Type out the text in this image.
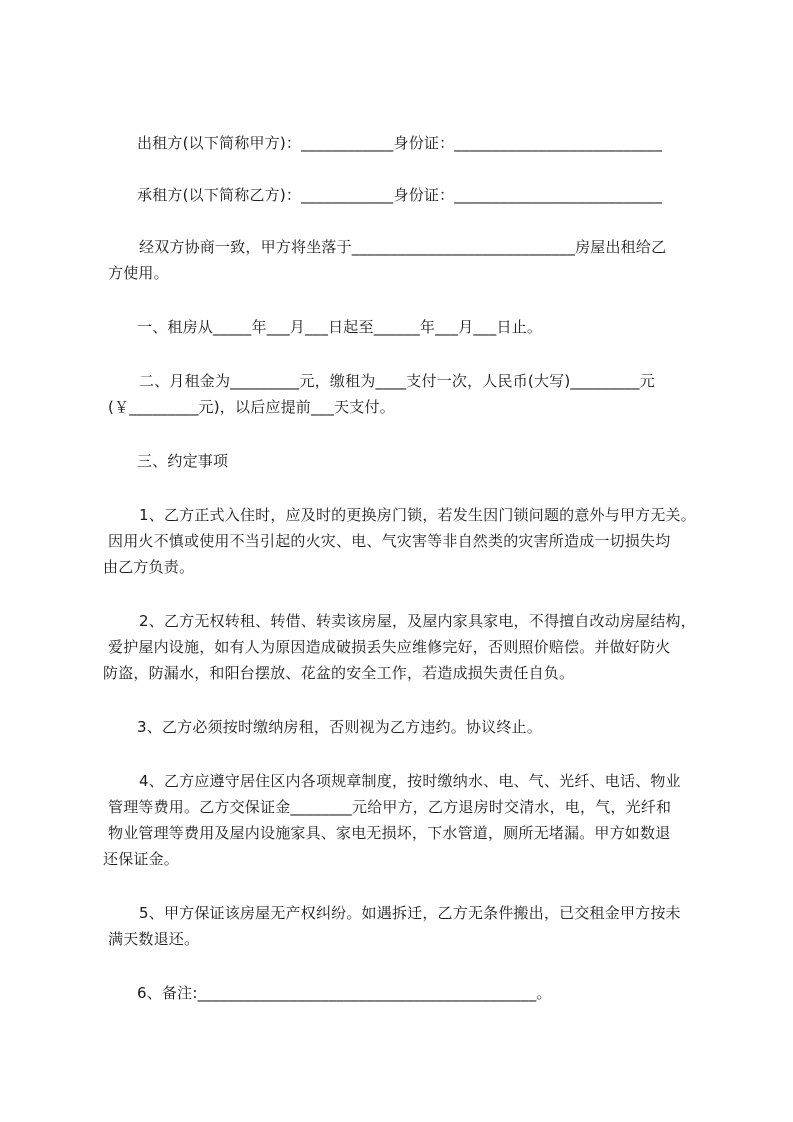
出租方(以下简称甲方)：____________身份证：___________________________
承租方(以下简称乙方)：____________身份证：___________________________
经双方协商一致，甲方将坐落于_____________________________房屋出租给乙
方使用。
一、租房从_____年___月___日起至______年___月___日止。
二、月租金为_________元，缴租为____支付一次，人民币(大写)_________元
(￥_________元)，以后应提前___天支付。
三、约定事项
1、乙方正式入住时，应及时的更换房门锁，若发生因门锁问题的意外与甲方无关。
因用火不慎或使用不当引起的火灾、电、气灾害等非自然类的灾害所造成一切损失均
由乙方负责。
2、乙方无权转租、转借、转卖该房屋，及屋内家具家电，不得擅自改动房屋结构，
爱护屋内设施，如有人为原因造成破损丢失应维修完好，否则照价赔偿。并做好防火
防盗，防漏水，和阳台摆放、花盆的安全工作，若造成损失责任自负。
3、乙方必须按时缴纳房租，否则视为乙方违约。协议终止。
4、乙方应遵守居住区内各项规章制度，按时缴纳水、电、气、光纤、电话、物业
管理等费用。乙方交保证金________元给甲方，乙方退房时交清水，电，气，光纤和
物业管理等费用及屋内设施家具、家电无损坏，下水管道，厕所无堵漏。甲方如数退
还保证金。
5、甲方保证该房屋无产权纠纷。如遇拆迁，乙方无条件搬出，已交租金甲方按未
满天数退还。
6、备注:____________________________________________。
